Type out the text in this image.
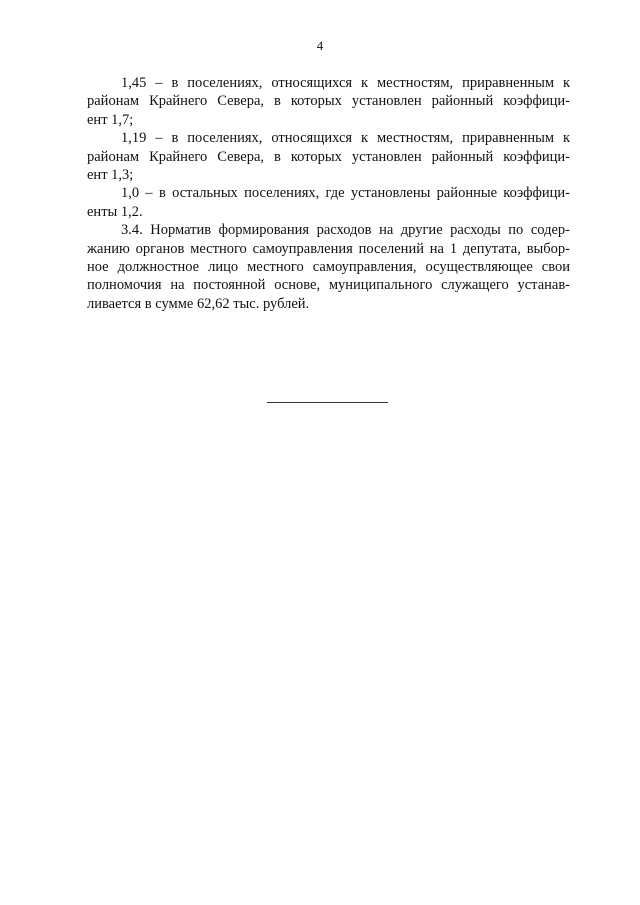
4
1,45 – в поселениях, относящихся к местностям, приравненным к
районам Крайнего Севера, в которых установлен районный коэффици-
ент 1,7;
1,19 – в поселениях, относящихся к местностям, приравненным к
районам Крайнего Севера, в которых установлен районный коэффици-
ент 1,3;
1,0 – в остальных поселениях, где установлены районные коэффици-
енты 1,2.
3.4. Норматив формирования расходов на другие расходы по содер-
жанию органов местного самоуправления поселений на 1 депутата, выбор-
ное должностное лицо местного самоуправления, осуществляющее свои
полномочия на постоянной основе, муниципального служащего устанав-
ливается в сумме 62,62 тыс. рублей.
